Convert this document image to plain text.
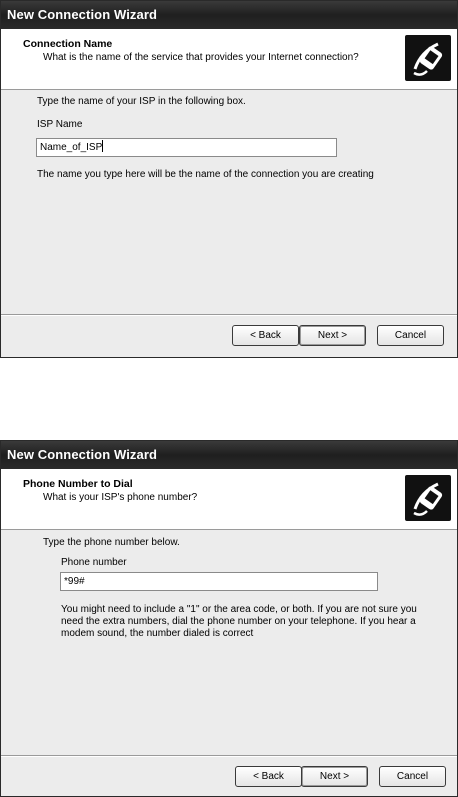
New Connection Wizard
Connection Name
What is the name of the service that provides your Internet connection?
Type the name of your ISP in the following box.
ISP Name
Name_of_ISP
The name you type here will be the name of the connection you are creating
< Back	Next >	Cancel
New Connection Wizard
Phone Number to Dial
What is your ISP's phone number?
Type the phone number below.
Phone number
*99#
You might need to include a "1" or the area code, or both. If you are not sure you need the extra numbers, dial the phone number on your telephone. If you hear a modem sound, the number dialed is correct
< Back	Next >	Cancel
